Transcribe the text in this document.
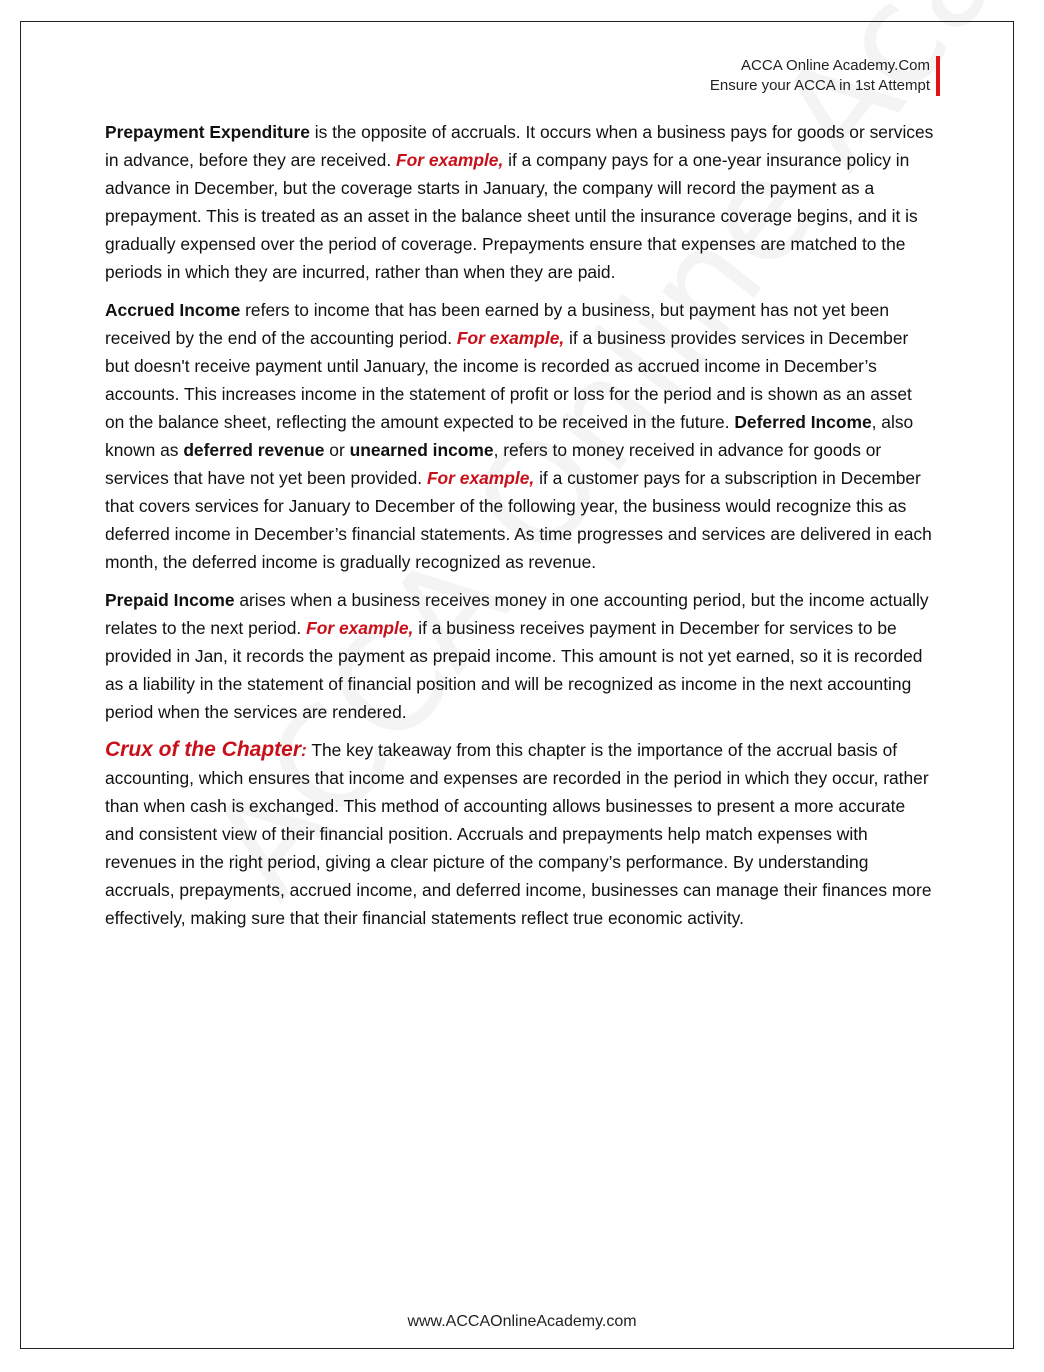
ACCA Online Academy.Com
Ensure your ACCA in 1st Attempt

Prepayment Expenditure is the opposite of accruals. It occurs when a business pays for goods or services in advance, before they are received. For example, if a company pays for a one-year insurance policy in advance in December, but the coverage starts in January, the company will record the payment as a prepayment. This is treated as an asset in the balance sheet until the insurance coverage begins, and it is gradually expensed over the period of coverage. Prepayments ensure that expenses are matched to the periods in which they are incurred, rather than when they are paid.

Accrued Income refers to income that has been earned by a business, but payment has not yet been received by the end of the accounting period. For example, if a business provides services in December but doesn't receive payment until January, the income is recorded as accrued income in December’s accounts. This increases income in the statement of profit or loss for the period and is shown as an asset on the balance sheet, reflecting the amount expected to be received in the future. Deferred Income, also known as deferred revenue or unearned income, refers to money received in advance for goods or services that have not yet been provided. For example, if a customer pays for a subscription in December that covers services for January to December of the following year, the business would recognize this as deferred income in December’s financial statements. As time progresses and services are delivered in each month, the deferred income is gradually recognized as revenue.

Prepaid Income arises when a business receives money in one accounting period, but the income actually relates to the next period. For example, if a business receives payment in December for services to be provided in Jan, it records the payment as prepaid income. This amount is not yet earned, so it is recorded as a liability in the statement of financial position and will be recognized as income in the next accounting period when the services are rendered.

Crux of the Chapter: The key takeaway from this chapter is the importance of the accrual basis of accounting, which ensures that income and expenses are recorded in the period in which they occur, rather than when cash is exchanged. This method of accounting allows businesses to present a more accurate and consistent view of their financial position. Accruals and prepayments help match expenses with revenues in the right period, giving a clear picture of the company’s performance. By understanding accruals, prepayments, accrued income, and deferred income, businesses can manage their finances more effectively, making sure that their financial statements reflect true economic activity.

www.ACCAOnlineAcademy.com
